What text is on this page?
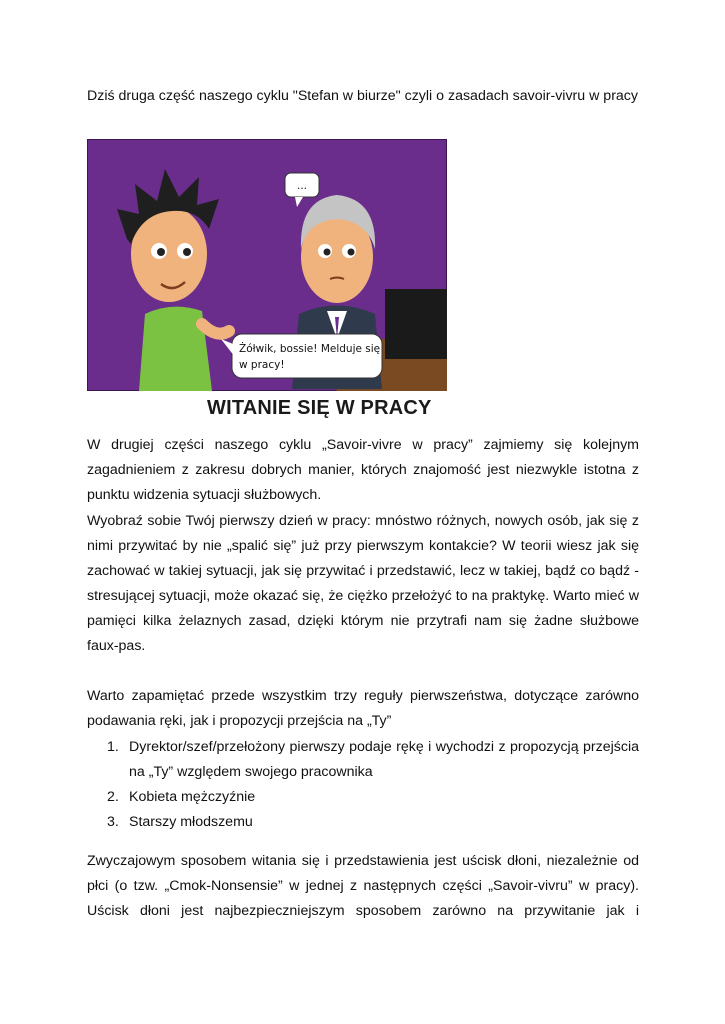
Dziś druga część naszego cyklu "Stefan w biurze" czyli o zasadach savoir-vivru w pracy

...
Żółwik, bossie! Melduje się
w pracy!
WITANIE SIĘ W PRACY

W drugiej części naszego cyklu „Savoir-vivre w pracy” zajmiemy się kolejnym zagadnieniem z zakresu dobrych manier, których znajomość jest niezwykle istotna z punktu widzenia sytuacji służbowych.

Wyobraź sobie Twój pierwszy dzień w pracy: mnóstwo różnych, nowych osób, jak się z nimi przywitać by nie „spalić się” już przy pierwszym kontakcie? W teorii wiesz jak się zachować w takiej sytuacji, jak się przywitać i przedstawić, lecz w takiej, bądź co bądź - stresującej sytuacji, może okazać się, że ciężko przełożyć to na praktykę. Warto mieć w pamięci kilka żelaznych zasad, dzięki którym nie przytrafi nam się żadne służbowe faux-pas.

Warto zapamiętać przede wszystkim trzy reguły pierwszeństwa, dotyczące zarówno podawania ręki, jak i propozycji przejścia na „Ty”

1. Dyrektor/szef/przełożony pierwszy podaje rękę i wychodzi z propozycją przejścia na „Ty” względem swojego pracownika
2. Kobieta mężczyźnie
3. Starszy młodszemu

Zwyczajowym sposobem witania się i przedstawienia jest uścisk dłoni, niezależnie od płci (o tzw. „Cmok-Nonsensie” w jednej z następnych części „Savoir-vivru” w pracy). Uścisk dłoni jest najbezpieczniejszym sposobem zarówno na przywitanie jak i
